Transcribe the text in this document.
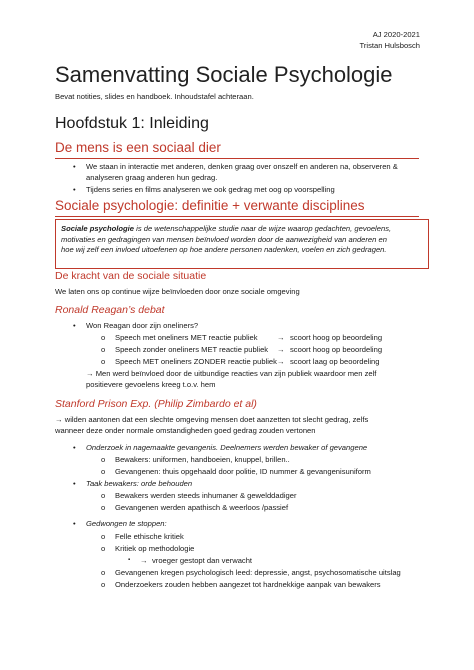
AJ 2020-2021
Tristan Hulsbosch
Samenvatting Sociale Psychologie
Bevat notities, slides en handboek. Inhoudstafel achteraan.
Hoofdstuk 1: Inleiding
De mens is een sociaal dier
• We staan in interactie met anderen, denken graag over onszelf en anderen na, observeren &
analyseren graag anderen hun gedrag.
• Tijdens series en films analyseren we ook gedrag met oog op voorspelling
Sociale psychologie: definitie + verwante disciplines
Sociale psychologie is de wetenschappelijke studie naar de wijze waarop gedachten, gevoelens,
motivaties en gedragingen van mensen beïnvloed worden door de aanwezigheid van anderen en
hoe wij zelf een invloed uitoefenen op hoe andere personen nadenken, voelen en zich gedragen.
De kracht van de sociale situatie
We laten ons op continue wijze beïnvloeden door onze sociale omgeving
Ronald Reagan’s debat
• Won Reagan door zijn oneliners?
o Speech met oneliners MET reactie publiek	→ scoort hoog op beoordeling
o Speech zonder oneliners MET reactie publiek → scoort hoog op beoordeling
o Speech MET oneliners ZONDER reactie publiek → scoort laag op beoordeling
→ Men werd beïnvloed door de uitbundige reacties van zijn publiek waardoor men zelf
positievere gevoelens kreeg t.o.v. hem
Stanford Prison Exp. (Philip Zimbardo et al)
→ wilden aantonen dat een slechte omgeving mensen doet aanzetten tot slecht gedrag, zelfs
wanneer deze onder normale omstandigheden goed gedrag zouden vertonen
• Onderzoek in nagemaakte gevangenis. Deelnemers werden bewaker of gevangene
o Bewakers: uniformen, handboeien, knuppel, brillen..
o Gevangenen: thuis opgehaald door politie, ID nummer & gevangenisuniform
• Taak bewakers: orde behouden
o Bewakers werden steeds inhumaner & gewelddadiger
o Gevangenen werden apathisch & weerloos /passief
• Gedwongen te stoppen:
o Felle ethische kritiek
o Kritiek op methodologie
▪ → vroeger gestopt dan verwacht
o Gevangenen kregen psychologisch leed: depressie, angst, psychosomatische uitslag
o Onderzoekers zouden hebben aangezet tot hardnekkige aanpak van bewakers
